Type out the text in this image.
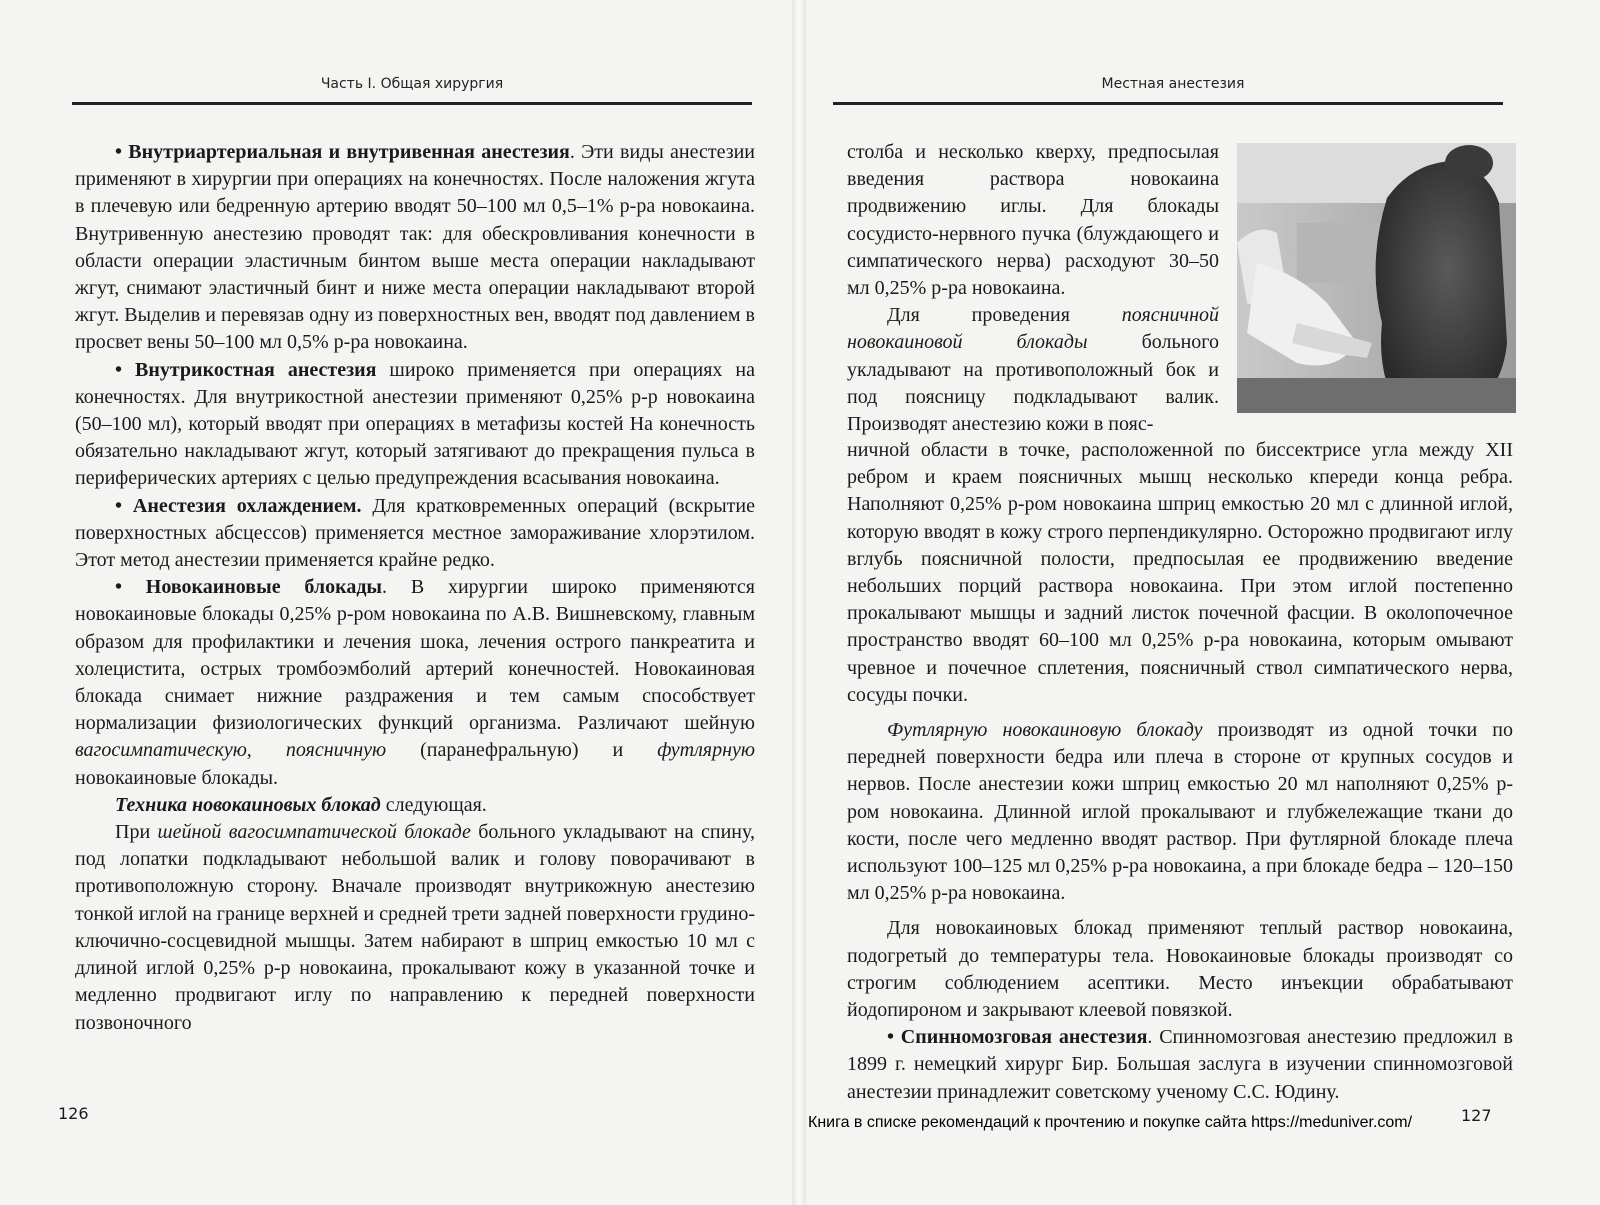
Часть I. Общая хирургия

• Внутриартериальная и внутривенная анестезия. Эти виды анестезии применяют в хирургии при операциях на конечностях. После наложения жгута в плечевую или бедренную артерию вводят 50–100 мл 0,5–1% р-ра новокаина. Внутривенную анестезию проводят так: для обескровливания конечности в области операции эластичным бинтом выше места операции накладывают жгут, снимают эластичный бинт и ниже места операции накладывают второй жгут. Выделив и перевязав одну из поверхностных вен, вводят под давлением в просвет вены 50–100 мл 0,5% р-ра новокаина.

• Внутрикостная анестезия широко применяется при операциях на конечностях. Для внутрикостной анестезии применяют 0,25% р-р новокаина (50–100 мл), который вводят при операциях в метафизы костей На конечность обязательно накладывают жгут, который затягивают до прекращения пульса в периферических артериях с целью предупреждения всасывания новокаина.

• Анестезия охлаждением. Для кратковременных операций (вскрытие поверхностных абсцессов) применяется местное замораживание хлорэтилом. Этот метод анестезии применяется крайне редко.

• Новокаиновые блокады. В хирургии широко применяются новокаиновые блокады 0,25% р-ром новокаина по А.В. Вишневскому, главным образом для профилактики и лечения шока, лечения острого панкреатита и холецистита, острых тромбоэмболий артерий конечностей. Новокаиновая блокада снимает нижние раздражения и тем самым способствует нормализации физиологических функций организма. Различают шейную вагосимпатическую, поясничную (паранефральную) и футлярную новокаиновые блокады.

Техника новокаиновых блокад следующая.

При шейной вагосимпатической блокаде больного укладывают на спину, под лопатки подкладывают небольшой валик и голову поворачивают в противоположную сторону. Вначале производят внутрикожную анестезию тонкой иглой на границе верхней и средней трети задней поверхности грудино-ключично-сосцевидной мышцы. Затем набирают в шприц емкостью 10 мл с длиной иглой 0,25% р-р новокаина, прокалывают кожу в указанной точке и медленно продвигают иглу по направлению к передней поверхности позвоночного

126
Местная анестезия

столба и несколько кверху, предпосылая введения раствора новокаина продвижению иглы. Для блокады сосудисто-нервного пучка (блуждающего и симпатического нерва) расходуют 30–50 мл 0,25% р-ра новокаина.

Для проведения поясничной новокаиновой блокады больного укладывают на противоположный бок и под поясницу подкладывают валик. Производят анестезию кожи в пояс-

ничной области в точке, расположенной по биссектрисе угла между XII ребром и краем поясничных мышц несколько кпереди конца ребра. Наполняют 0,25% р-ром новокаина шприц емкостью 20 мл с длинной иглой, которую вводят в кожу строго перпендикулярно. Осторожно продвигают иглу вглубь поясничной полости, предпосылая ее продвижению введение небольших порций раствора новокаина. При этом иглой постепенно прокалывают мышцы и задний листок почечной фасции. В околопочечное пространство вводят 60–100 мл 0,25% р-ра новокаина, которым омывают чревное и почечное сплетения, поясничный ствол симпатического нерва, сосуды почки.

Футлярную новокаиновую блокаду производят из одной точки по передней поверхности бедра или плеча в стороне от крупных сосудов и нервов. После анестезии кожи шприц емкостью 20 мл наполняют 0,25% р-ром новокаина. Длинной иглой прокалывают и глубжележащие ткани до кости, после чего медленно вводят раствор. При футлярной блокаде плеча используют 100–125 мл 0,25% р-ра новокаина, а при блокаде бедра – 120–150 мл 0,25% р-ра новокаина.

Для новокаиновых блокад применяют теплый раствор новокаина, подогретый до температуры тела. Новокаиновые блокады производят со строгим соблюдением асептики. Место инъекции обрабатывают йодопироном и закрывают клеевой повязкой.

• Спинномозговая анестезия. Спинномозговая анестезию предложил в 1899 г. немецкий хирург Бир. Большая заслуга в изучении спинномозговой анестезии принадлежит советскому ученому С.С. Юдину.

127
Книга в списке рекомендаций к прочтению и покупке сайта https://meduniver.com/
